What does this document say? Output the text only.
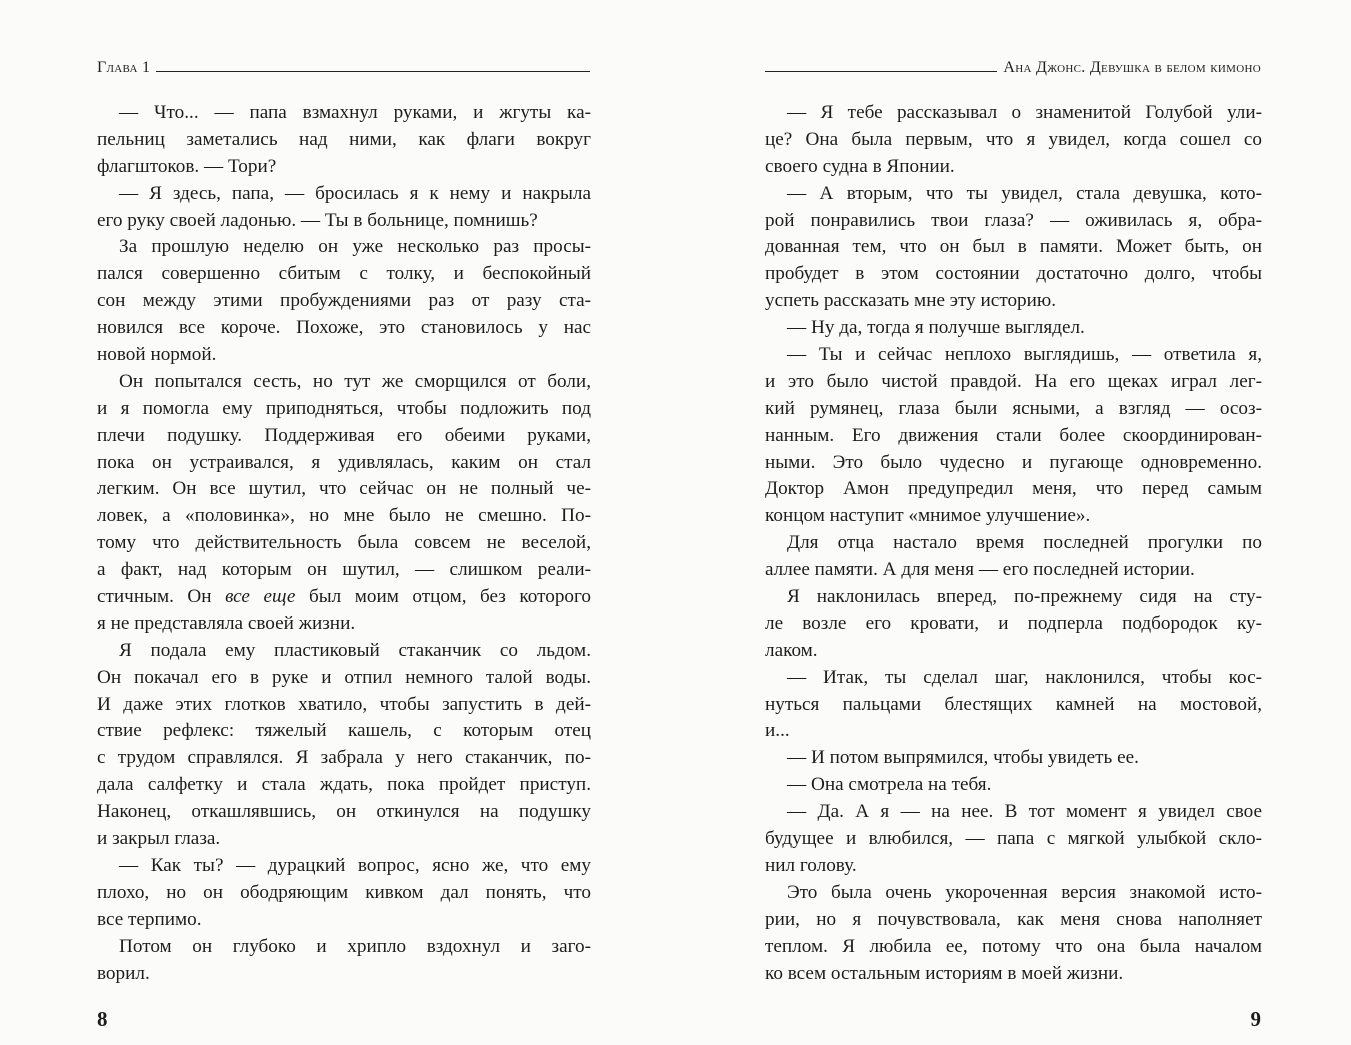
Глава 1
— Что... — папа взмахнул руками, и жгуты ка-
пельниц заметались над ними, как флаги вокруг
флагштоков. — Тори?
— Я здесь, папа, — бросилась я к нему и накрыла
его руку своей ладонью. — Ты в больнице, помнишь?
За прошлую неделю он уже несколько раз просы-
пался совершенно сбитым с толку, и беспокойный
сон между этими пробуждениями раз от разу ста-
новился все короче. Похоже, это становилось у нас
новой нормой.
Он попытался сесть, но тут же сморщился от боли,
и я помогла ему приподняться, чтобы подложить под
плечи подушку. Поддерживая его обеими руками,
пока он устраивался, я удивлялась, каким он стал
легким. Он все шутил, что сейчас он не полный че-
ловек, а «половинка», но мне было не смешно. По-
тому что действительность была совсем не веселой,
а факт, над которым он шутил, — слишком реали-
стичным. Он все еще был моим отцом, без которого
я не представляла своей жизни.
Я подала ему пластиковый стаканчик со льдом.
Он покачал его в руке и отпил немного талой воды.
И даже этих глотков хватило, чтобы запустить в дей-
ствие рефлекс: тяжелый кашель, с которым отец
с трудом справлялся. Я забрала у него стаканчик, по-
дала салфетку и стала ждать, пока пройдет приступ.
Наконец, откашлявшись, он откинулся на подушку
и закрыл глаза.
— Как ты? — дурацкий вопрос, ясно же, что ему
плохо, но он ободряющим кивком дал понять, что
все терпимо.
Потом он глубоко и хрипло вздохнул и заго-
ворил.
8
Ана Джонс. Девушка в белом кимоно
— Я тебе рассказывал о знаменитой Голубой ули-
це? Она была первым, что я увидел, когда сошел со
своего судна в Японии.
— А вторым, что ты увидел, стала девушка, кото-
рой понравились твои глаза? — оживилась я, обра-
дованная тем, что он был в памяти. Может быть, он
пробудет в этом состоянии достаточно долго, чтобы
успеть рассказать мне эту историю.
— Ну да, тогда я получше выглядел.
— Ты и сейчас неплохо выглядишь, — ответила я,
и это было чистой правдой. На его щеках играл лег-
кий румянец, глаза были ясными, а взгляд — осоз-
нанным. Его движения стали более скоординирован-
ными. Это было чудесно и пугающе одновременно.
Доктор Амон предупредил меня, что перед самым
концом наступит «мнимое улучшение».
Для отца настало время последней прогулки по
аллее памяти. А для меня — его последней истории.
Я наклонилась вперед, по-прежнему сидя на сту-
ле возле его кровати, и подперла подбородок ку-
лаком.
— Итак, ты сделал шаг, наклонился, чтобы кос-
нуться пальцами блестящих камней на мостовой,
и...
— И потом выпрямился, чтобы увидеть ее.
— Она смотрела на тебя.
— Да. А я — на нее. В тот момент я увидел свое
будущее и влюбился, — папа с мягкой улыбкой скло-
нил голову.
Это была очень укороченная версия знакомой исто-
рии, но я почувствовала, как меня снова наполняет
теплом. Я любила ее, потому что она была началом
ко всем остальным историям в моей жизни.
9
